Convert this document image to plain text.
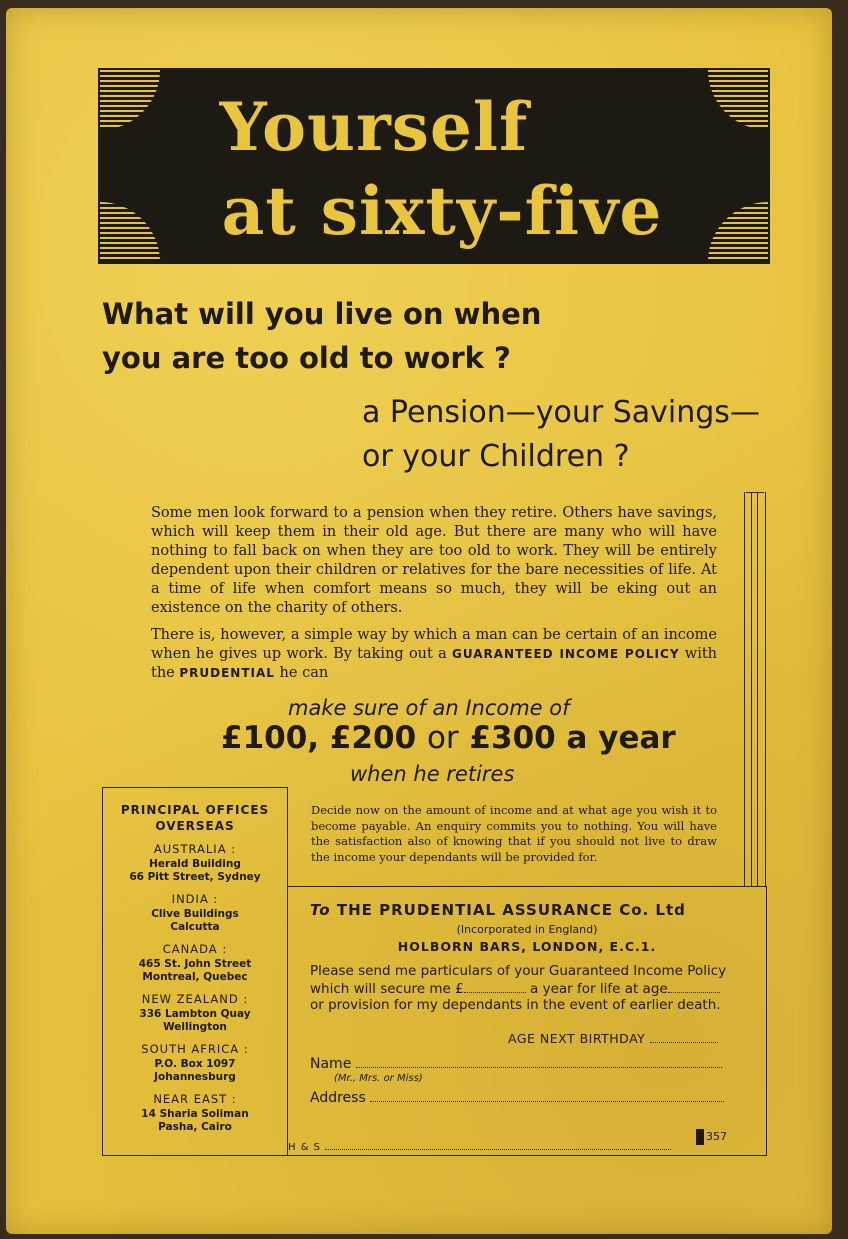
Yourself
at sixty-five
What will you live on when
you are too old to work ?
a Pension—your Savings—
or your Children ?

Some men look forward to a pension when they retire. Others have savings, which will keep them in their old age. But there are many who will have nothing to fall back on when they are too old to work. They will be entirely dependent upon their children or relatives for the bare necessities of life. At a time of life when comfort means so much, they will be eking out an existence on the charity of others.

There is, however, a simple way by which a man can be certain of an income when he gives up work. By taking out a GUARANTEED INCOME POLICY with the PRUDENTIAL he can

make sure of an Income of
£100, £200 or £300 a year
when he retires
PRINCIPAL OFFICES
OVERSEAS
AUSTRALIA :
Herald Building
66 Pitt Street, Sydney
INDIA :
Clive Buildings
Calcutta
CANADA :
465 St. John Street
Montreal, Quebec
NEW ZEALAND :
336 Lambton Quay
Wellington
SOUTH AFRICA :
P.O. Box 1097
Johannesburg
NEAR EAST :
14 Sharia Soliman
Pasha, Cairo
Decide now on the amount of income and at what age you wish it to become payable. An enquiry commits you to nothing. You will have the satisfaction also of knowing that if you should not live to draw the income your dependants will be provided for.
To THE PRUDENTIAL ASSURANCE Co. Ltd
(Incorporated in England)
HOLBORN BARS, LONDON, E.C.1.
Please send me particulars of your Guaranteed Income Policy which will secure me £	a year for life at age or provision for my dependants in the event of earlier death.
AGE NEXT BIRTHDAY
Name
(Mr., Mrs. or Miss)
Address
H & S
357
